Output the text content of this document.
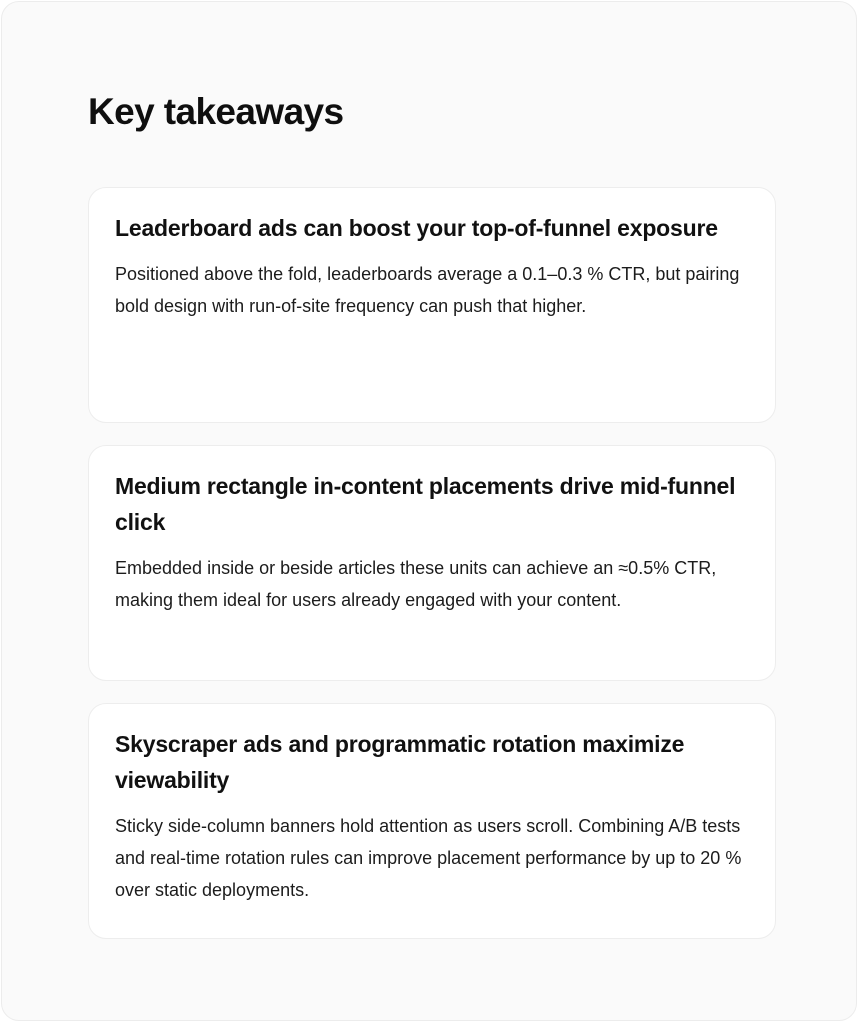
Key takeaways
Leaderboard ads can boost your top-of-funnel exposure

Positioned above the fold, leaderboards average a 0.1–0.3 % CTR, but pairing bold design with run-of-site frequency can push that higher.

Medium rectangle in-content placements drive mid-funnel click

Embedded inside or beside articles these units can achieve an ≈0.5% CTR, making them ideal for users already engaged with your content.

Skyscraper ads and programmatic rotation maximize viewability

Sticky side-column banners hold attention as users scroll. Combining A/B tests and real-time rotation rules can improve placement performance by up to 20 % over static deployments.
